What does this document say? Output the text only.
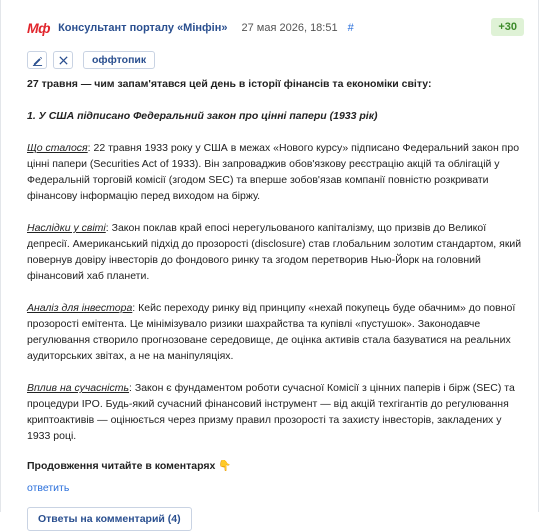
Мф Консультант порталу «Мінфін» 27 мая 2026, 18:51 #	+30
оффтопик

27 травня — чим запам'ятався цей день в історії фінансів та економіки світу:

1. У США підписано Федеральний закон про цінні папери (1933 рік)

Що сталося: 22 травня 1933 року у США в межах «Нового курсу» підписано Федеральний закон про цінні папери (Securities Act of 1933). Він запроваджив обов'язкову реєстрацію акцій та облігацій у Федеральній торговій комісії (згодом SEC) та вперше зобов'язав компанії повністю розкривати фінансову інформацію перед виходом на біржу.

Наслідки у світі: Закон поклав край епосі нерегульованого капіталізму, що призвів до Великої депресії. Американський підхід до прозорості (disclosure) став глобальним золотим стандартом, який повернув довіру інвесторів до фондового ринку та згодом перетворив Нью-Йорк на головний фінансовий хаб планети.

Аналіз для інвестора: Кейс переходу ринку від принципу «нехай покупець буде обачним» до повної прозорості емітента. Це мінімізувало ризики шахрайства та купівлі «пустушок». Законодавче регулювання створило прогнозоване середовище, де оцінка активів стала базуватися на реальних аудиторських звітах, а не на маніпуляціях.

Вплив на сучасність: Закон є фундаментом роботи сучасної Комісії з цінних паперів і бірж (SEC) та процедури IPO. Будь-який сучасний фінансовий інструмент — від акцій техгігантів до регулювання криптоактивів — оцінюється через призму правил прозорості та захисту інвесторів, закладених у 1933 році.

Продовження читайте в коментарях 👇
ответить
Ответы на комментарий (4)
